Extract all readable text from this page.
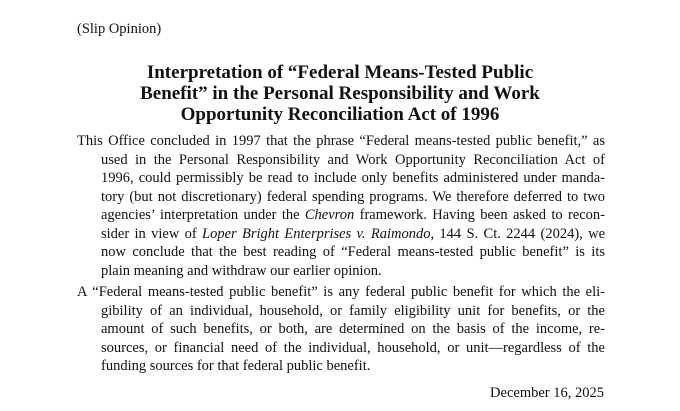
(Slip Opinion)
Interpretation of “Federal Means-Tested Public
Benefit” in the Personal Responsibility and Work
Opportunity Reconciliation Act of 1996
This Office concluded in 1997 that the phrase “Federal means-tested public benefit,” as
used in the Personal Responsibility and Work Opportunity Reconciliation Act of
1996, could permissibly be read to include only benefits administered under manda-
tory (but not discretionary) federal spending programs. We therefore deferred to two
agencies’ interpretation under the Chevron framework. Having been asked to recon-
sider in view of Loper Bright Enterprises v. Raimondo, 144 S. Ct. 2244 (2024), we
now conclude that the best reading of “Federal means-tested public benefit” is its
plain meaning and withdraw our earlier opinion.
A “Federal means-tested public benefit” is any federal public benefit for which the eli-
gibility of an individual, household, or family eligibility unit for benefits, or the
amount of such benefits, or both, are determined on the basis of the income, re-
sources, or financial need of the individual, household, or unit—regardless of the
funding sources for that federal public benefit.
December 16, 2025
